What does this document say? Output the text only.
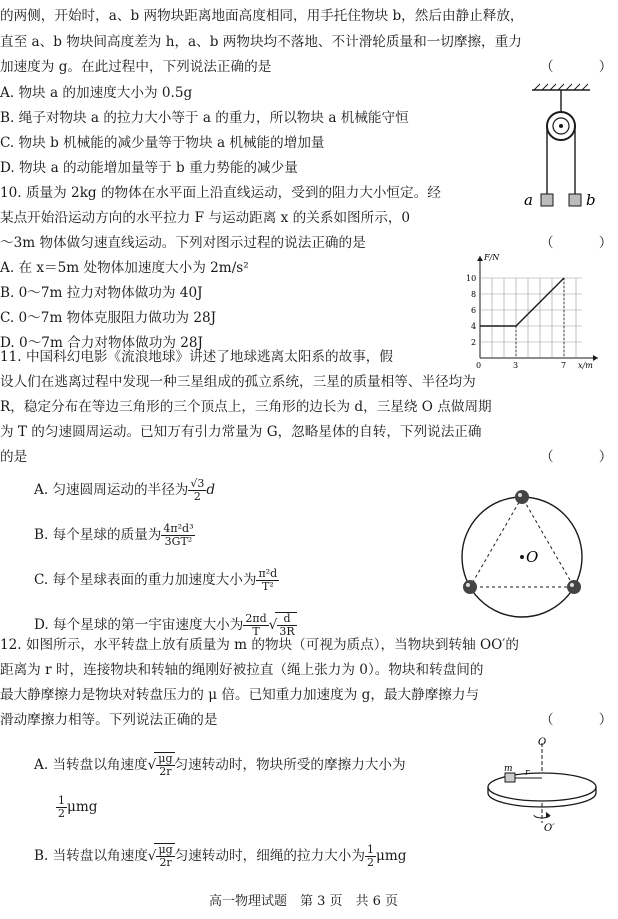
的两侧，开始时，a、b 两物块距离地面高度相同，用手托住物块 b，然后由静止释放，
直至 a、b 物块间高度差为 h，a、b 两物块均不落地、不计滑轮质量和一切摩擦，重力
加速度为 g。在此过程中，下列说法正确的是	（　　）
A. 物块 a 的加速度大小为 0.5g
B. 绳子对物块 a 的拉力大小等于 a 的重力，所以物块 a 机械能守恒
C. 物块 b 机械能的减少量等于物块 a 机械能的增加量
D. 物块 a 的动能增加量等于 b 重力势能的减少量
a	b
10. 质量为 2kg 的物体在水平面上沿直线运动，受到的阻力大小恒定。经
某点开始沿运动方向的水平拉力 F 与运动距离 x 的关系如图所示，0
～3m 物体做匀速直线运动。下列对图示过程的说法正确的是	（　　）
A. 在 x＝5m 处物体加速度大小为 2m/s²
B. 0～7m 拉力对物体做功为 40J
C. 0～7m 物体克服阻力做功为 28J
D. 0～7m 合力对物体做功为 28J
F/N
x/m
10
8
6
4
2
0	3	7
11. 中国科幻电影《流浪地球》讲述了地球逃离太阳系的故事，假
设人们在逃离过程中发现一种三星组成的孤立系统，三星的质量相等、半径均为
R，稳定分布在等边三角形的三个顶点上，三角形的边长为 d，三星绕 O 点做周期
为 T 的匀速圆周运动。已知万有引力常量为 G，忽略星体的自转，下列说法正确
的是	（　　）
A. 匀速圆周运动的半径为 $\frac{√3}{2}$ d
B. 每个星球的质量为 $\frac{\text{4π²d³}}{\text{3GT²}}$
C. 每个星球表面的重力加速度大小为 $\frac{\text{π²d}}{\text{T²}}$
D. 每个星球的第一宇宙速度大小为 $\frac{2\pi d}{T}$ √ $\frac{d}{3R}$
O
12. 如图所示，水平转盘上放有质量为 m 的物块（可视为质点），当物块到转轴 OO′的
距离为 r 时，连接物块和转轴的绳刚好被拉直（绳上张力为 0）。物块和转盘间的
最大静摩擦力是物块对转盘压力的 μ 倍。已知重力加速度为 g，最大静摩擦力与
滑动摩擦力相等。下列说法正确的是	（　　）
A. 当转盘以角速度√ $\frac{\mu g}{2r}$ 匀速转动时，物块所受的摩擦力大小为
$\frac{1}{2}$ μmg
B. 当转盘以角速度√ $\frac{\mu g}{2r}$ 匀速转动时，细绳的拉力大小为 $\frac{1}{2}$ μmg
O
O′
m r
高一物理试题　第 3 页　共 6 页
